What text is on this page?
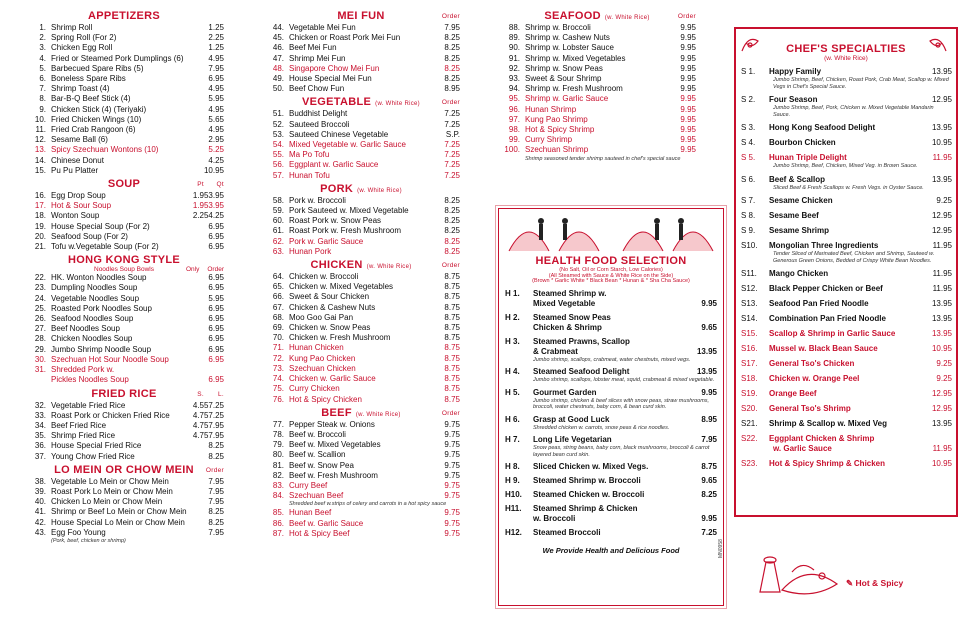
APPETIZERS
1. Shrimp Roll	1.25
2. Spring Roll (For 2)	2.25
3. Chicken Egg Roll	1.25
4. Fried or Steamed Pork Dumplings (6)	4.95
5. Barbecued Spare Ribs (5)	7.95
6. Boneless Spare Ribs	6.95
7. Shrimp Toast (4)	4.95
8. Bar-B-Q Beef Stick (4)	5.95
9. Chicken Stick (4) (Teriyaki)	4.95
10. Fried Chicken Wings (10)	5.65
11. Fried Crab Rangoon (6)	4.95
12. Sesame Ball (6)	2.95
13. Spicy Szechuan Wontons (10)	5.25
14. Chinese Donut	4.25
15. Pu Pu Platter	10.95
SOUP	Pt Qt
16. Egg Drop Soup	1.95 3.95
17. Hot & Sour Soup	1.95 3.95
18. Wonton Soup	2.25 4.25
19. House Special Soup (For 2)	6.95
20. Seafood Soup (For 2)	6.95
21. Tofu w.Vegetable Soup (For 2)	6.95
HONG KONG STYLE
Noodles Soup Bowls	Only Order
22. HK. Wonton Noodles Soup	6.95
23. Dumpling Noodles Soup	6.95
24. Vegetable Noodles Soup	5.95
25. Roasted Pork Noodles Soup	6.95
26. Seafood Noodles Soup	6.95
27. Beef Noodles Soup	6.95
28. Chicken Noodles Soup	6.95
29. Jumbo Shrimp Noodle Soup	6.95
30. Szechuan Hot Sour Noodle Soup	6.95
31. Shredded Pork w.
Pickles Noodles Soup	6.95
FRIED RICE	S. L.
32. Vegetable Fried Rice	4.55 7.25
33. Roast Pork or Chicken Fried Rice	4.75 7.25
34. Beef Fried Rice	4.75 7.95
35. Shrimp Fried Rice	4.75 7.95
36. House Special Fried Rice	8.25
37. Young Chow Fried Rice	8.25
LO MEIN OR CHOW MEIN Order
38. Vegetable Lo Mein or Chow Mein	7.95
39. Roast Pork Lo Mein or Chow Mein	7.95
40. Chicken Lo Mein or Chow Mein	7.95
41. Shrimp or Beef Lo Mein or Chow Mein	8.25
42. House Special Lo Mein or Chow Mein	8.25
43. Egg Foo Young	7.95
(Pork, beef, chicken or shrimp)
MEI FUN	Order
44. Vegetable Mei Fun	7.95
45. Chicken or Roast Pork Mei Fun	8.25
46. Beef Mei Fun	8.25
47. Shrimp Mei Fun	8.25
48. Singapore Chow Mei Fun	8.25
49. House Special Mei Fun	8.25
50. Beef Chow Fun	8.95
VEGETABLE (w. White Rice)	Order
51. Buddhist Delight	7.25
52. Sauteed Broccoli	7.25
53. Sauteed Chinese Vegetable	S.P.
54. Mixed Vegetable w. Garlic Sauce	7.25
55. Ma Po Tofu	7.25
56. Eggplant w. Garlic Sauce	7.25
57. Hunan Tofu	7.25
PORK (w. White Rice)
58. Pork w. Broccoli	8.25
59. Pork Sauteed w. Mixed Vegetable	8.25
60. Roast Pork w. Snow Peas	8.25
61. Roast Pork w. Fresh Mushroom	8.25
62. Pork w. Garlic Sauce	8.25
63. Hunan Pork	8.25
CHICKEN (w. White Rice)	Order
64. Chicken w. Broccoli	8.75
65. Chicken w. Mixed Vegetables	8.75
66. Sweet & Sour Chicken	8.75
67. Chicken & Cashew Nuts	8.75
68. Moo Goo Gai Pan	8.75
69. Chicken w. Snow Peas	8.75
70. Chicken w. Fresh Mushroom	8.75
71. Hunan Chicken	8.75
72. Kung Pao Chicken	8.75
73. Szechuan Chicken	8.75
74. Chicken w. Garlic Sauce	8.75
75. Curry Chicken	8.75
76. Hot & Spicy Chicken	8.75
BEEF (w. White Rice)	Order
77. Pepper Steak w. Onions	9.75
78. Beef w. Broccoli	9.75
79. Beef w. Mixed Vegetables	9.75
80. Beef w. Scallion	9.75
81. Beef w. Snow Pea	9.75
82. Beef w. Fresh Mushroom	9.75
83. Curry Beef	9.75
84. Szechuan Beef	9.75
Shredded beef w.strips of celery and carrots in a hot spicy sauce
85. Hunan Beef	9.75
86. Beef w. Garlic Sauce	9.75
87. Hot & Spicy Beef	9.75
SEAFOOD (w. White Rice)	Order
88. Shrimp w. Broccoli	9.95
89. Shrimp w. Cashew Nuts	9.95
90. Shrimp w. Lobster Sauce	9.95
91. Shrimp w. Mixed Vegetables	9.95
92. Shrimp w. Snow Peas	9.95
93. Sweet & Sour Shrimp	9.95
94. Shrimp w. Fresh Mushroom	9.95
95. Shrimp w. Garlic Sauce	9.95
96. Hunan Shrimp	9.95
97. Kung Pao Shrimp	9.95
98. Hot & Spicy Shrimp	9.95
99. Curry Shrimp	9.95
100. Szechuan Shrimp	9.95
Shrimp seasoned tender shrimp sauteed in chef's special sauce
HEALTH FOOD SELECTION
(No Salt, Oil or Corn Starch, Low Calories)
(All Steamed with Sauce & White Rice on the Side)
(Brown * Garlic White * Black Bean * Hunan & * Sha Cha Sauce)
H 1.	Steamed Shrimp w.
Mixed Vegetable	9.95
H 2.	Steamed Snow Peas
Chicken & Shrimp	9.65
H 3.	Steamed Prawns, Scallop
& Crabmeat	13.95
Jumbo shrimp, scallops, crabmeat, water chestnuts, mixed vegs.
H 4.	Steamed Seafood Delight	13.95
Jumbo shrimp, scallops, lobster meat, squid, crabmeat & mixed vegetable.
H 5.	Gourmet Garden	9.95
Jumbo shrimp, chicken & beef slices with snow peas, straw mushrooms, broccoli, water chestnuts, baby corn, & bean curd skin.
H 6.	Grasp at Good Luck	8.95
Shredded chicken w. carrots, snow peas & rice noodles.
H 7.	Long Life Vegetarian	7.95
Snow peas, string beans, baby corn, black mushrooms, broccoli & carrot layered bean curd skin.
H 8.	Sliced Chicken w. Mixed Vegs.	8.75
H 9.	Steamed Shrimp w. Broccoli	9.65
H10.	Steamed Chicken w. Broccoli	8.25
H11.	Steamed Shrimp & Chicken
w. Broccoli	9.95
H12.	Steamed Broccoli	7.25
We Provide Health and Delicious Food
CHEF'S SPECIALTIES
(w. White Rice)
S 1.	Happy Family	13.95
Jumbo Shrimp, Beef, Chicken, Roast Pork, Crab Meat, Scallop w. Mixed Vegs in Chef's Special Sauce.
S 2.	Four Season	12.95
Jumbo Shrimp, Beef, Pork, Chicken w. Mixed Vegetable Mandarin Sauce.
S 3.	Hong Kong Seafood Delight	13.95
S 4.	Bourbon Chicken	10.95
S 5.	Hunan Triple Delight	11.95
Jumbo Shrimp, Beef, Chicken, Mixed Veg. in Brown Sauce.
S 6.	Beef & Scallop	13.95
Sliced Beef & Fresh Scallops w. Fresh Vegs. in Oyster Sauce.
S 7.	Sesame Chicken	9.25
S 8.	Sesame Beef	12.95
S 9.	Sesame Shrimp	12.95
S10.	Mongolian Three Ingredients	11.95
Tender Sliced of Marinated Beef, Chicken and Shrimp, Sauteed w. Generous Green Onions, Bedded of Crispy White Bean Noodles.
S11.	Mango Chicken	11.95
S12.	Black Pepper Chicken or Beef	11.95
S13.	Seafood Pan Fried Noodle	13.95
S14.	Combination Pan Fried Noodle	13.95
S15.	Scallop & Shrimp in Garlic Sauce	13.95
S16.	Mussel w. Black Bean Sauce	10.95
S17.	General Tso's Chicken	9.25
S18.	Chicken w. Orange Peel	9.25
S19.	Orange Beef	12.95
S20.	General Tso's Shrimp	12.95
S21.	Shrimp & Scallop w. Mixed Veg	13.95
S22.	Eggplant Chicken & Shrimp
w. Garlic Sauce	11.95
S23.	Hot & Spicy Shrimp & Chicken	10.95
✎ Hot & Spicy
MN0958
